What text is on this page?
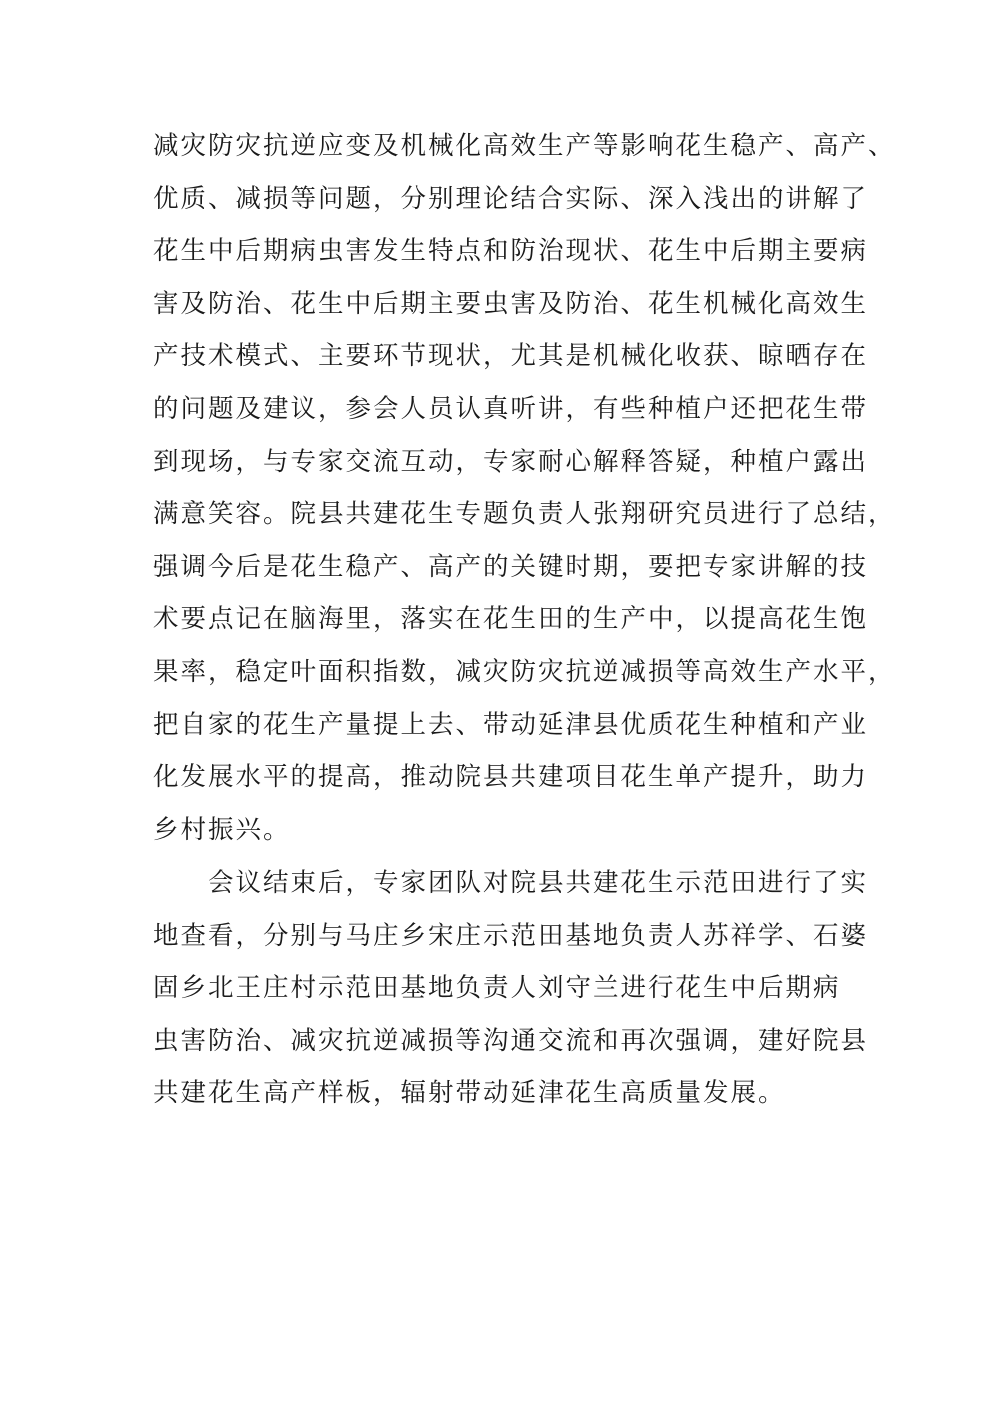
减灾防灾抗逆应变及机械化高效生产等影响花生稳产、高产、
优质、减损等问题，分别理论结合实际、深入浅出的讲解了
花生中后期病虫害发生特点和防治现状、花生中后期主要病
害及防治、花生中后期主要虫害及防治、花生机械化高效生
产技术模式、主要环节现状，尤其是机械化收获、晾晒存在
的问题及建议，参会人员认真听讲，有些种植户还把花生带
到现场，与专家交流互动，专家耐心解释答疑，种植户露出
满意笑容。院县共建花生专题负责人张翔研究员进行了总结，
强调今后是花生稳产、高产的关键时期，要把专家讲解的技
术要点记在脑海里，落实在花生田的生产中，以提高花生饱
果率，稳定叶面积指数，减灾防灾抗逆减损等高效生产水平，
把自家的花生产量提上去、带动延津县优质花生种植和产业
化发展水平的提高，推动院县共建项目花生单产提升，助力
乡村振兴。
　　会议结束后，专家团队对院县共建花生示范田进行了实
地查看，分别与马庄乡宋庄示范田基地负责人苏祥学、石婆
固乡北王庄村示范田基地负责人刘守兰进行花生中后期病
虫害防治、减灾抗逆减损等沟通交流和再次强调，建好院县
共建花生高产样板，辐射带动延津花生高质量发展。
